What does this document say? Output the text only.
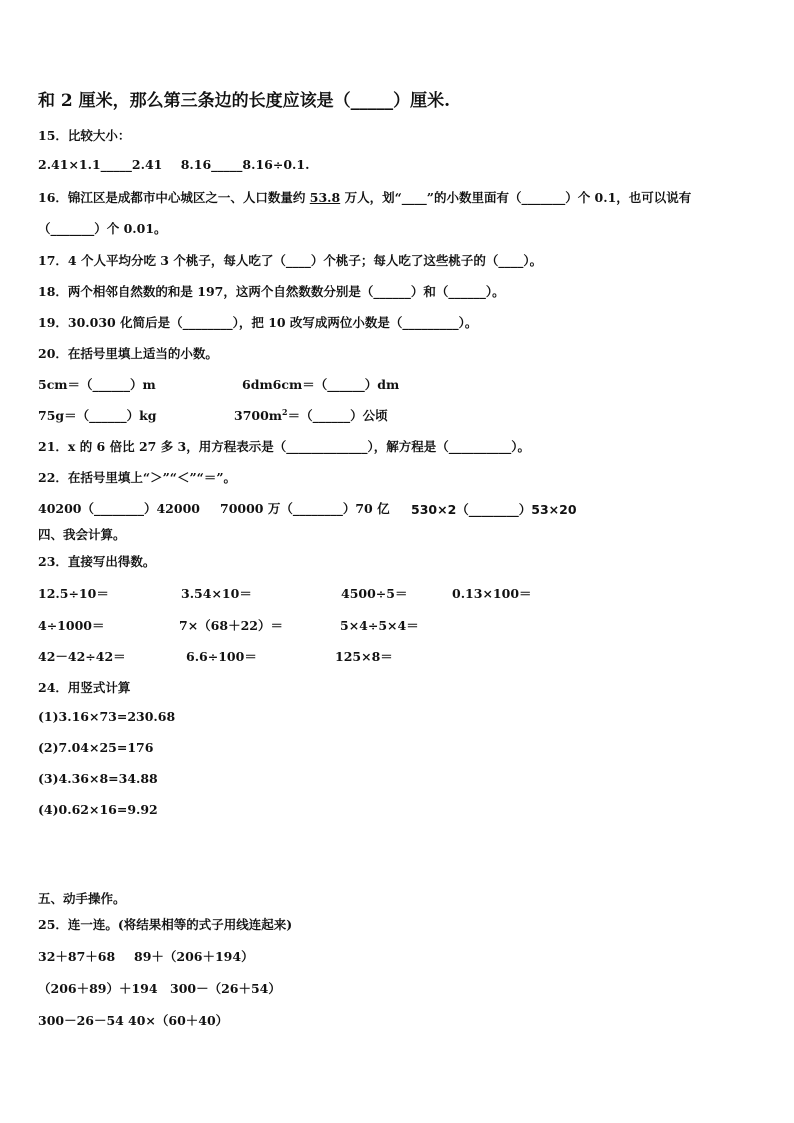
和 2 厘米，那么第三条边的长度应该是（_____）厘米.
15．比较大小：
2.41×1.1_____2.41 8.16_____8.16÷0.1.
16．锦江区是成都市中心城区之一、人口数量约 53.8 万人，划“____”的小数里面有（_______）个 0.1，也可以说有
（_______）个 0.01。
17．4 个人平均分吃 3 个桃子，每人吃了（____）个桃子；每人吃了这些桃子的（____）。
18．两个相邻自然数的和是 197，这两个自然数数分别是（______）和（______）。
19．30.030 化简后是（________），把 10 改写成两位小数是（_________）。
20．在括号里填上适当的小数。
5cm＝（______）m	6dm6cm＝（______）dm
75g＝（______）kg	$3700m^2=(\_\_\_\_\_\_)$公顷
21．x 的 6 倍比 27 多 3，用方程表示是（_____________），解方程是（__________）。
22．在括号里填上“＞”“＜”“＝”。
40200（________）42000 70000 万（________）70 亿 530×2（________）53×20
四、我会计算。
23．直接写出得数。
12.5÷10＝	3.54×10＝	4500÷5＝	0.13×100＝
4÷1000＝	7×（68＋22）＝	5×4÷5×4＝
42－42÷42＝	6.6÷100＝	125×8＝
24．用竖式计算
(1)3.16×73=230.68
(2)7.04×25=176
(3)4.36×8=34.88
(4)0.62×16=9.92
五、动手操作。
25．连一连。(将结果相等的式子用线连起来)
32＋87＋68 89＋（206＋194）
（206＋89）＋194 300－（26＋54）
300－26－54 40×（60＋40）
